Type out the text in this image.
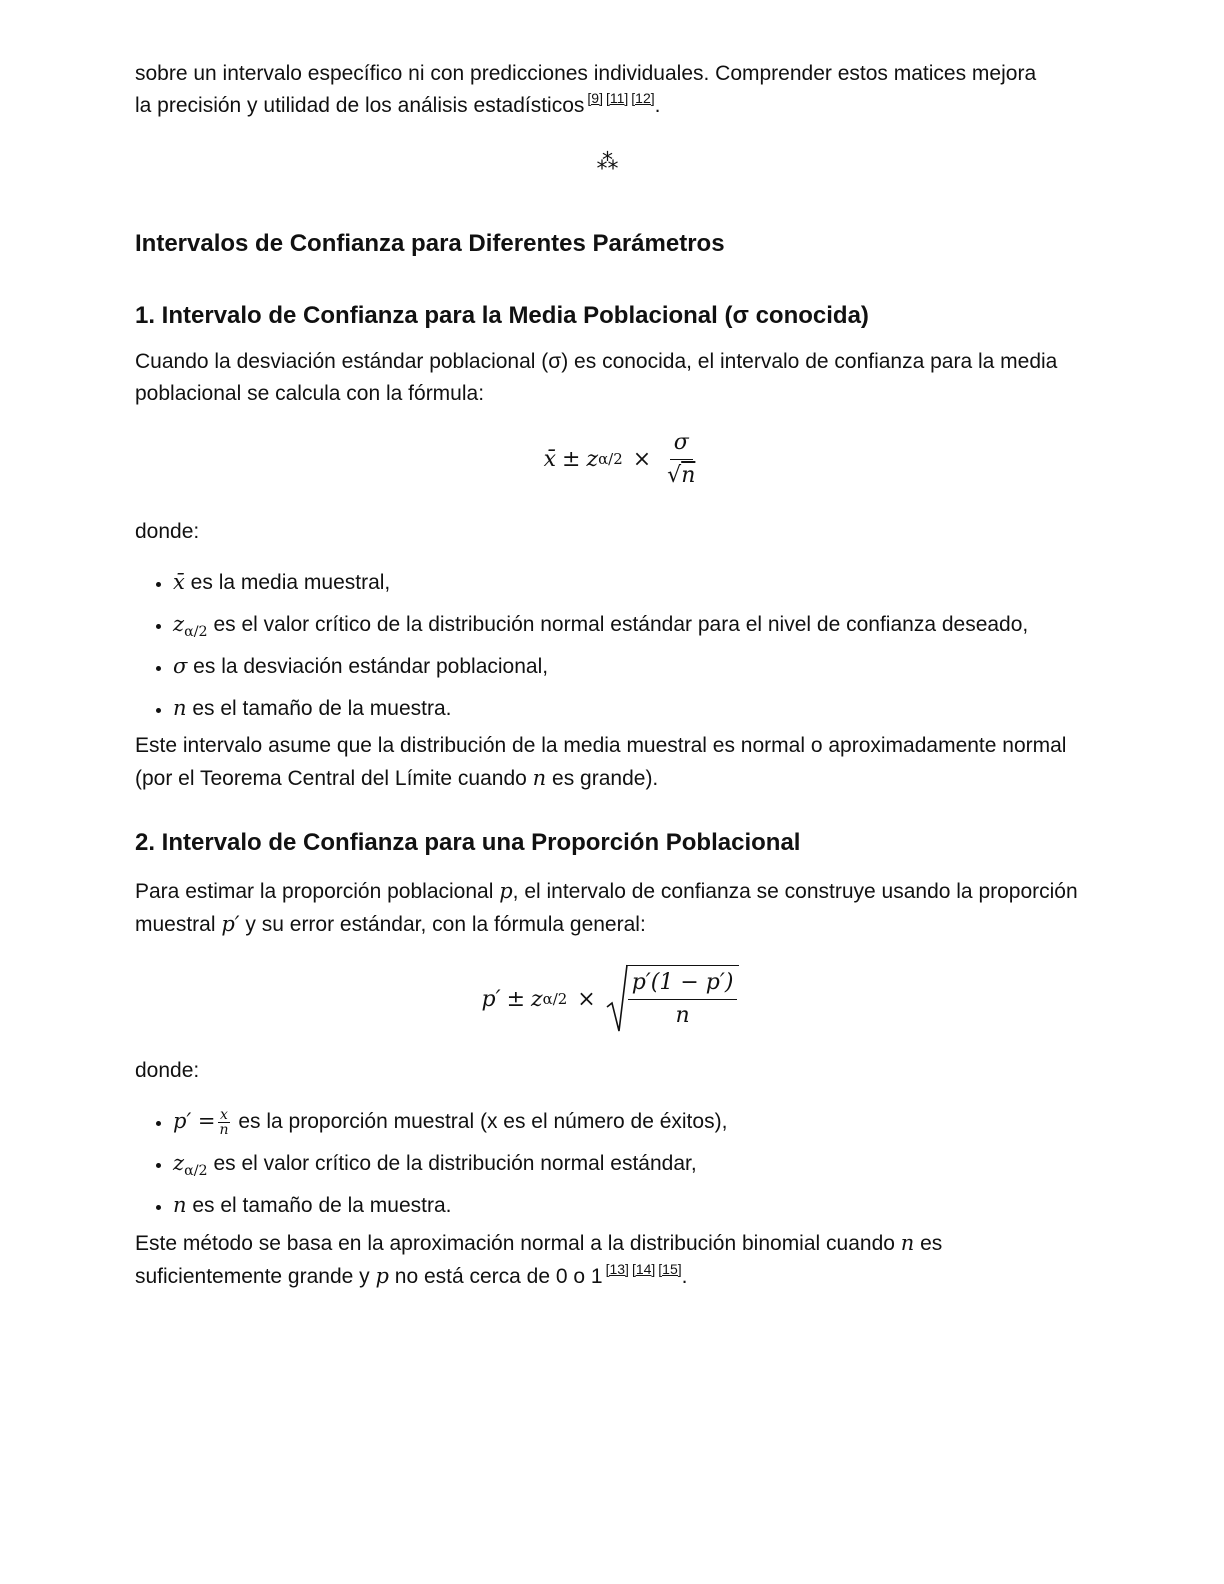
sobre un intervalo específico ni con predicciones individuales. Comprender estos matices mejora
la precisión y utilidad de los análisis estadísticos [9] [11] [12].

⁂
Intervalos de Confianza para Diferentes Parámetros
1. Intervalo de Confianza para la Media Poblacional (σ conocida)

Cuando la desviación estándar poblacional (σ) es conocida, el intervalo de confianza para la media poblacional se calcula con la fórmula:

x̄ ± z $\alpha/2 \times \frac{\sigma}{√n}$

donde:

• x̄ es la media muestral,
• $z_{\alpha/2}$ es el valor crítico de la distribución normal estándar para el nivel de confianza deseado,
• σ es la desviación estándar poblacional,
• n es el tamaño de la muestra.

Este intervalo asume que la distribución de la media muestral es normal o aproximadamente normal (por el Teorema Central del Límite cuando n es grande).

2. Intervalo de Confianza para una Proporción Poblacional

Para estimar la proporción poblacional p, el intervalo de confianza se construye usando la proporción muestral p′ y su error estándar, con la fórmula general:

p′ ± z $\alpha/2 \times \frac{p'(1 - p')}{n}$

donde:

• $p' = \frac{x}{n}$ es la proporción muestral (x es el número de éxitos),
• $z_{\alpha/2}$ es el valor crítico de la distribución normal estándar,
• n es el tamaño de la muestra.

Este método se basa en la aproximación normal a la distribución binomial cuando n es suficientemente grande y p no está cerca de 0 o 1 [13] [14] [15].
